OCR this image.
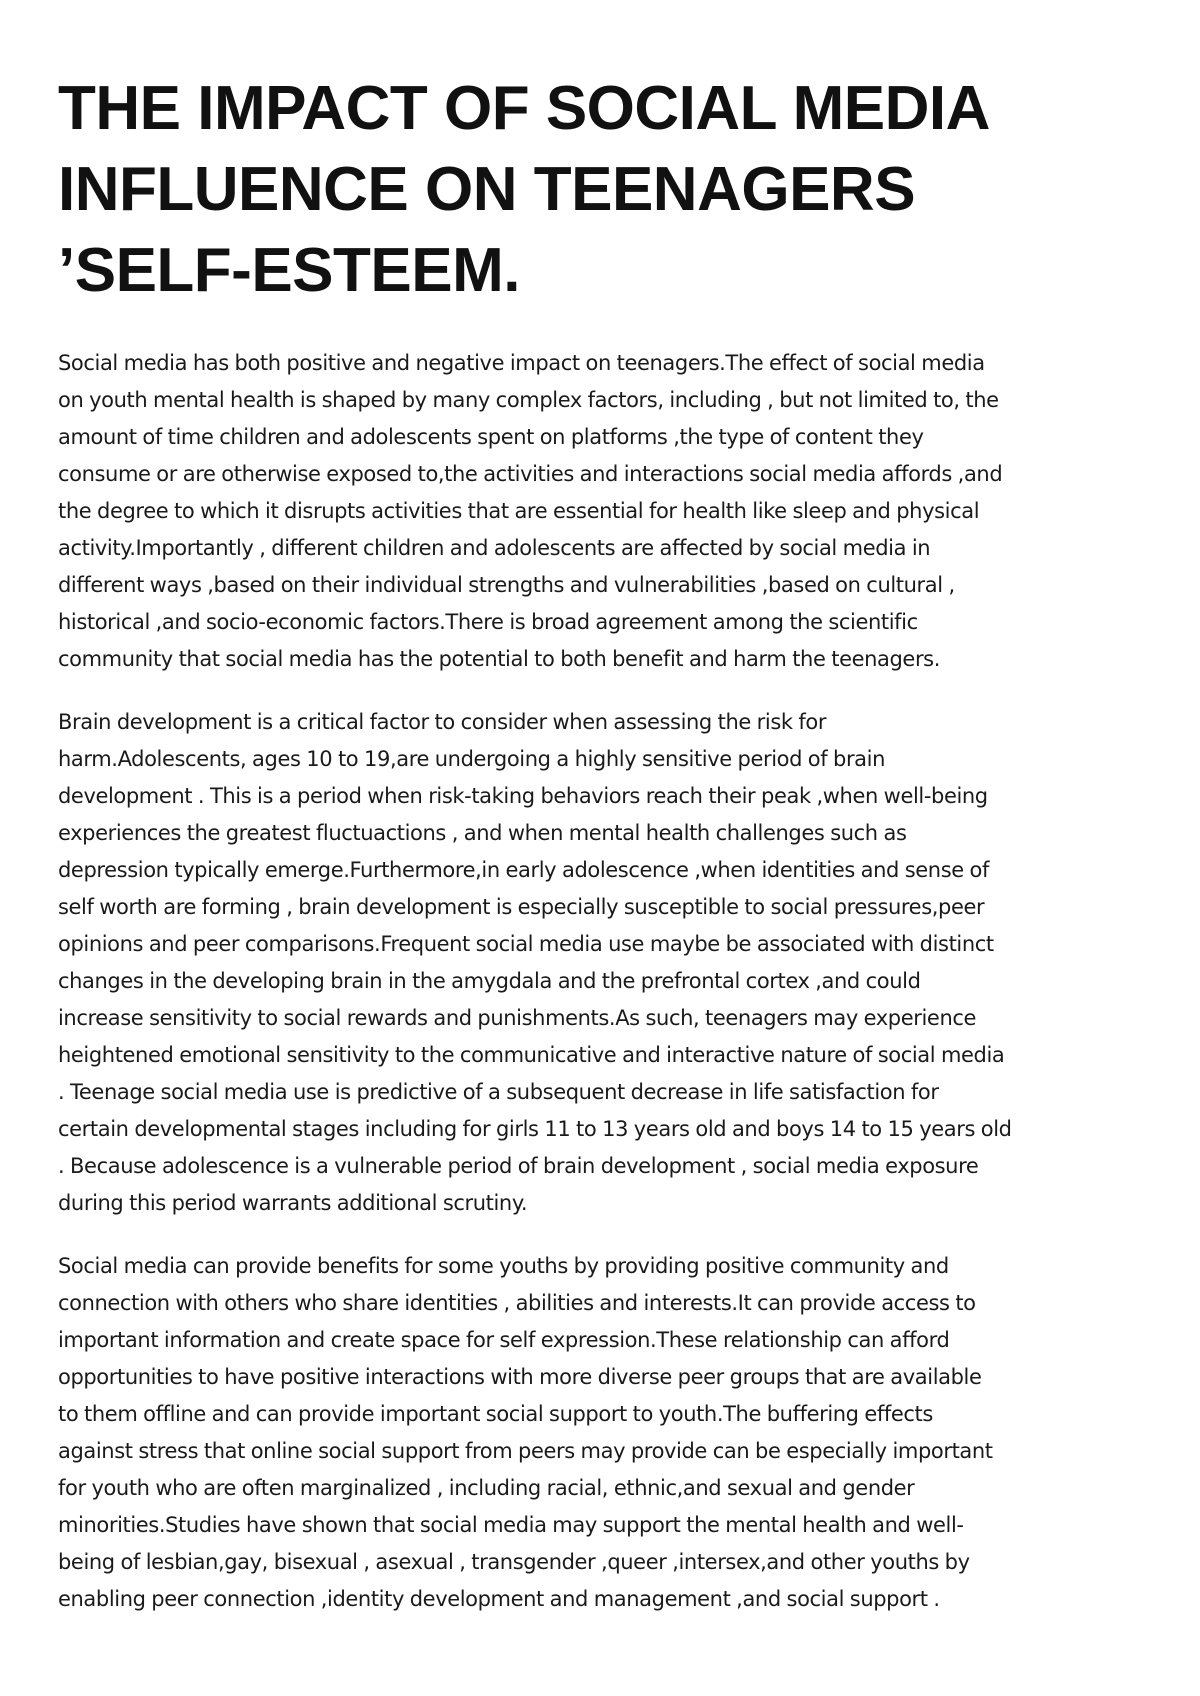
THE IMPACT OF SOCIAL MEDIA
INFLUENCE ON TEENAGERS
’SELF-ESTEEM.

Social media has both positive and negative impact on teenagers.The effect of social media
on youth mental health is shaped by many complex factors, including , but not limited to, the
amount of time children and adolescents spent on platforms ,the type of content they
consume or are otherwise exposed to,the activities and interactions social media affords ,and
the degree to which it disrupts activities that are essential for health like sleep and physical
activity.Importantly , different children and adolescents are affected by social media in
different ways ,based on their individual strengths and vulnerabilities ,based on cultural ,
historical ,and socio-economic factors.There is broad agreement among the scientific
community that social media has the potential to both benefit and harm the teenagers.

Brain development is a critical factor to consider when assessing the risk for
harm.Adolescents, ages 10 to 19,are undergoing a highly sensitive period of brain
development . This is a period when risk-taking behaviors reach their peak ,when well-being
experiences the greatest fluctuactions , and when mental health challenges such as
depression typically emerge.Furthermore,in early adolescence ,when identities and sense of
self worth are forming , brain development is especially susceptible to social pressures,peer
opinions and peer comparisons.Frequent social media use maybe be associated with distinct
changes in the developing brain in the amygdala and the prefrontal cortex ,and could
increase sensitivity to social rewards and punishments.As such, teenagers may experience
heightened emotional sensitivity to the communicative and interactive nature of social media
. Teenage social media use is predictive of a subsequent decrease in life satisfaction for
certain developmental stages including for girls 11 to 13 years old and boys 14 to 15 years old
. Because adolescence is a vulnerable period of brain development , social media exposure
during this period warrants additional scrutiny.

Social media can provide benefits for some youths by providing positive community and
connection with others who share identities , abilities and interests.It can provide access to
important information and create space for self expression.These relationship can afford
opportunities to have positive interactions with more diverse peer groups that are available
to them offline and can provide important social support to youth.The buffering effects
against stress that online social support from peers may provide can be especially important
for youth who are often marginalized , including racial, ethnic,and sexual and gender
minorities.Studies have shown that social media may support the mental health and well-
being of lesbian,gay, bisexual , asexual , transgender ,queer ,intersex,and other youths by
enabling peer connection ,identity development and management ,and social support .
